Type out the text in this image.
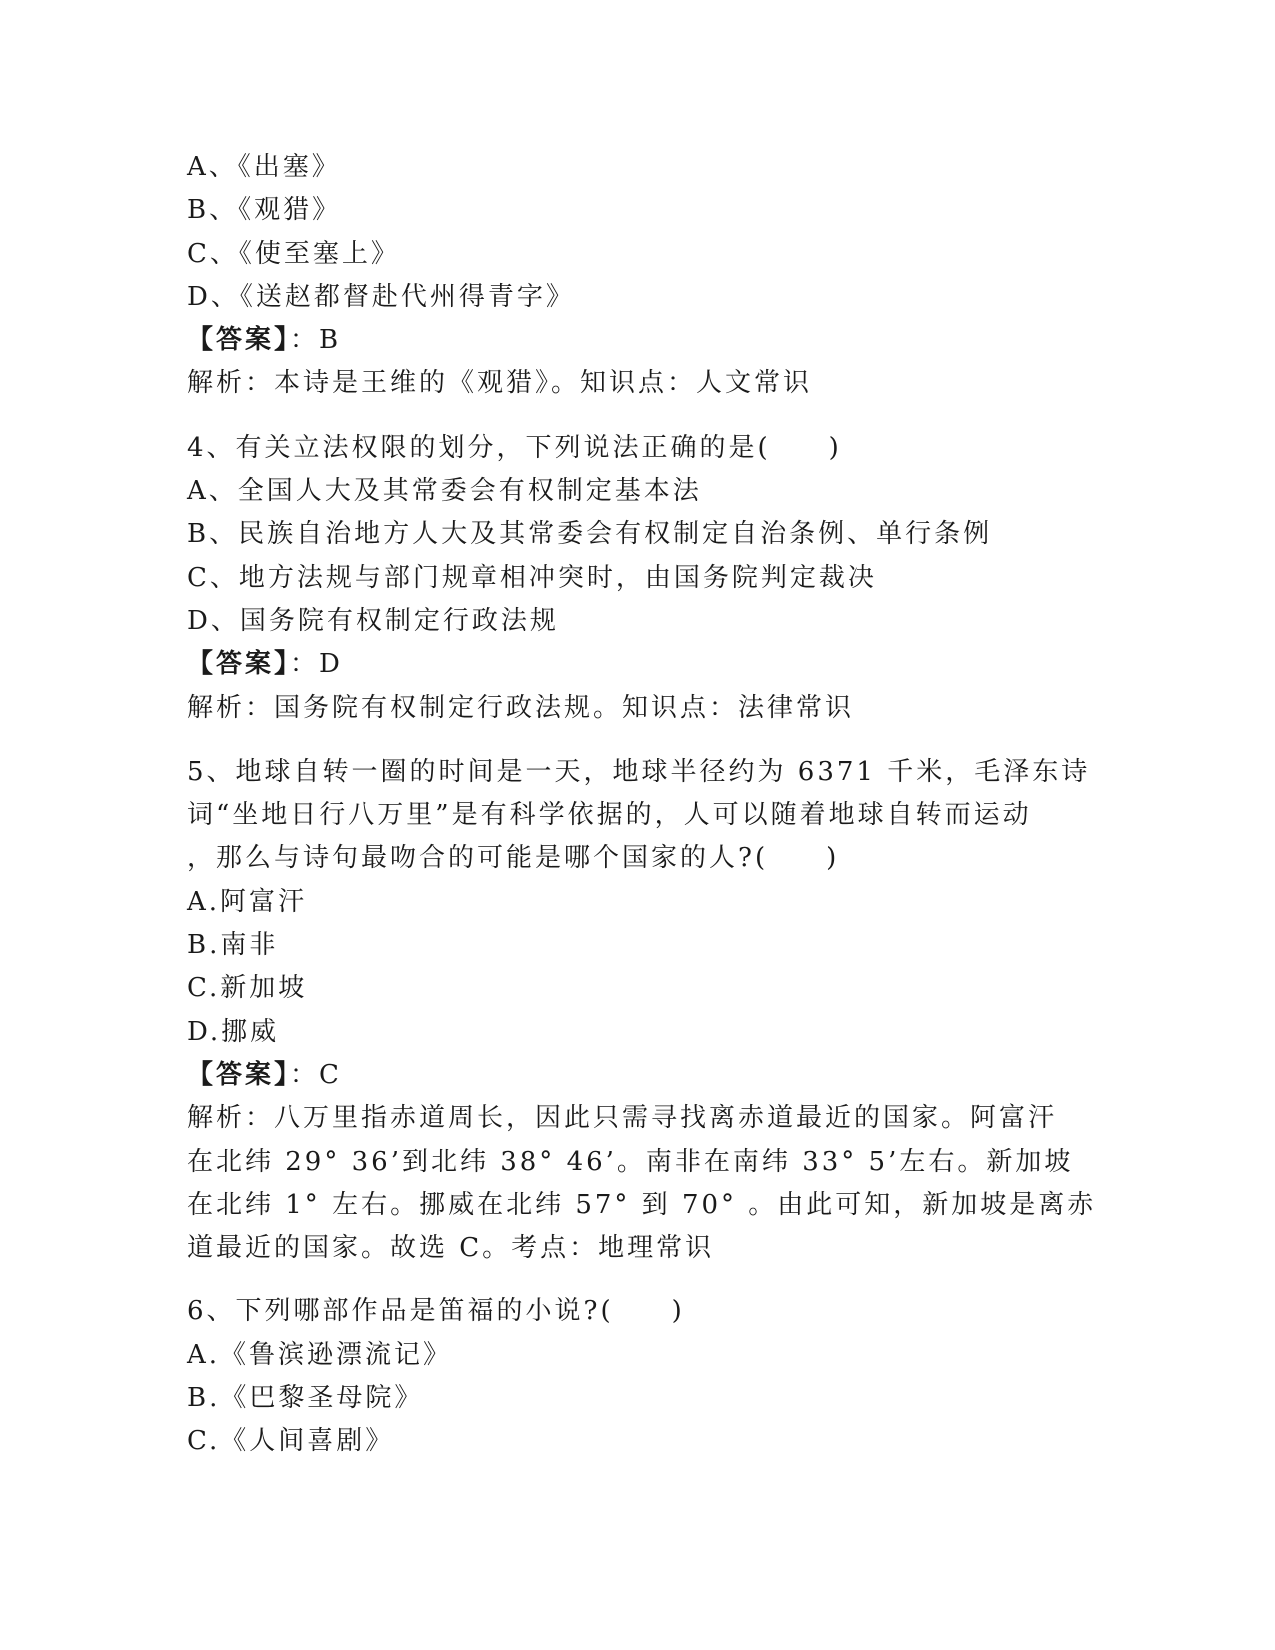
A、《出塞》
B、《观猎》
C、《使至塞上》
D、《送赵都督赴代州得青字》
【答案】：B
解析：本诗是王维的《观猎》。知识点：人文常识
4、有关立法权限的划分，下列说法正确的是(　　)
A、全国人大及其常委会有权制定基本法
B、民族自治地方人大及其常委会有权制定自治条例、单行条例
C、地方法规与部门规章相冲突时，由国务院判定裁决
D、国务院有权制定行政法规
【答案】：D
解析：国务院有权制定行政法规。知识点：法律常识
5、地球自转一圈的时间是一天，地球半径约为 6371 千米，毛泽东诗
词“坐地日行八万里”是有科学依据的，人可以随着地球自转而运动
，那么与诗句最吻合的可能是哪个国家的人?(　　)
A.阿富汗
B.南非
C.新加坡
D.挪威
【答案】：C
解析：八万里指赤道周长，因此只需寻找离赤道最近的国家。阿富汗
在北纬 29° 36’到北纬 38° 46’。南非在南纬 33° 5’左右。新加坡
在北纬 1° 左右。挪威在北纬 57° 到 70° 。由此可知，新加坡是离赤
道最近的国家。故选 C。考点：地理常识
6、下列哪部作品是笛福的小说?(　　)
A.《鲁滨逊漂流记》
B.《巴黎圣母院》
C.《人间喜剧》
